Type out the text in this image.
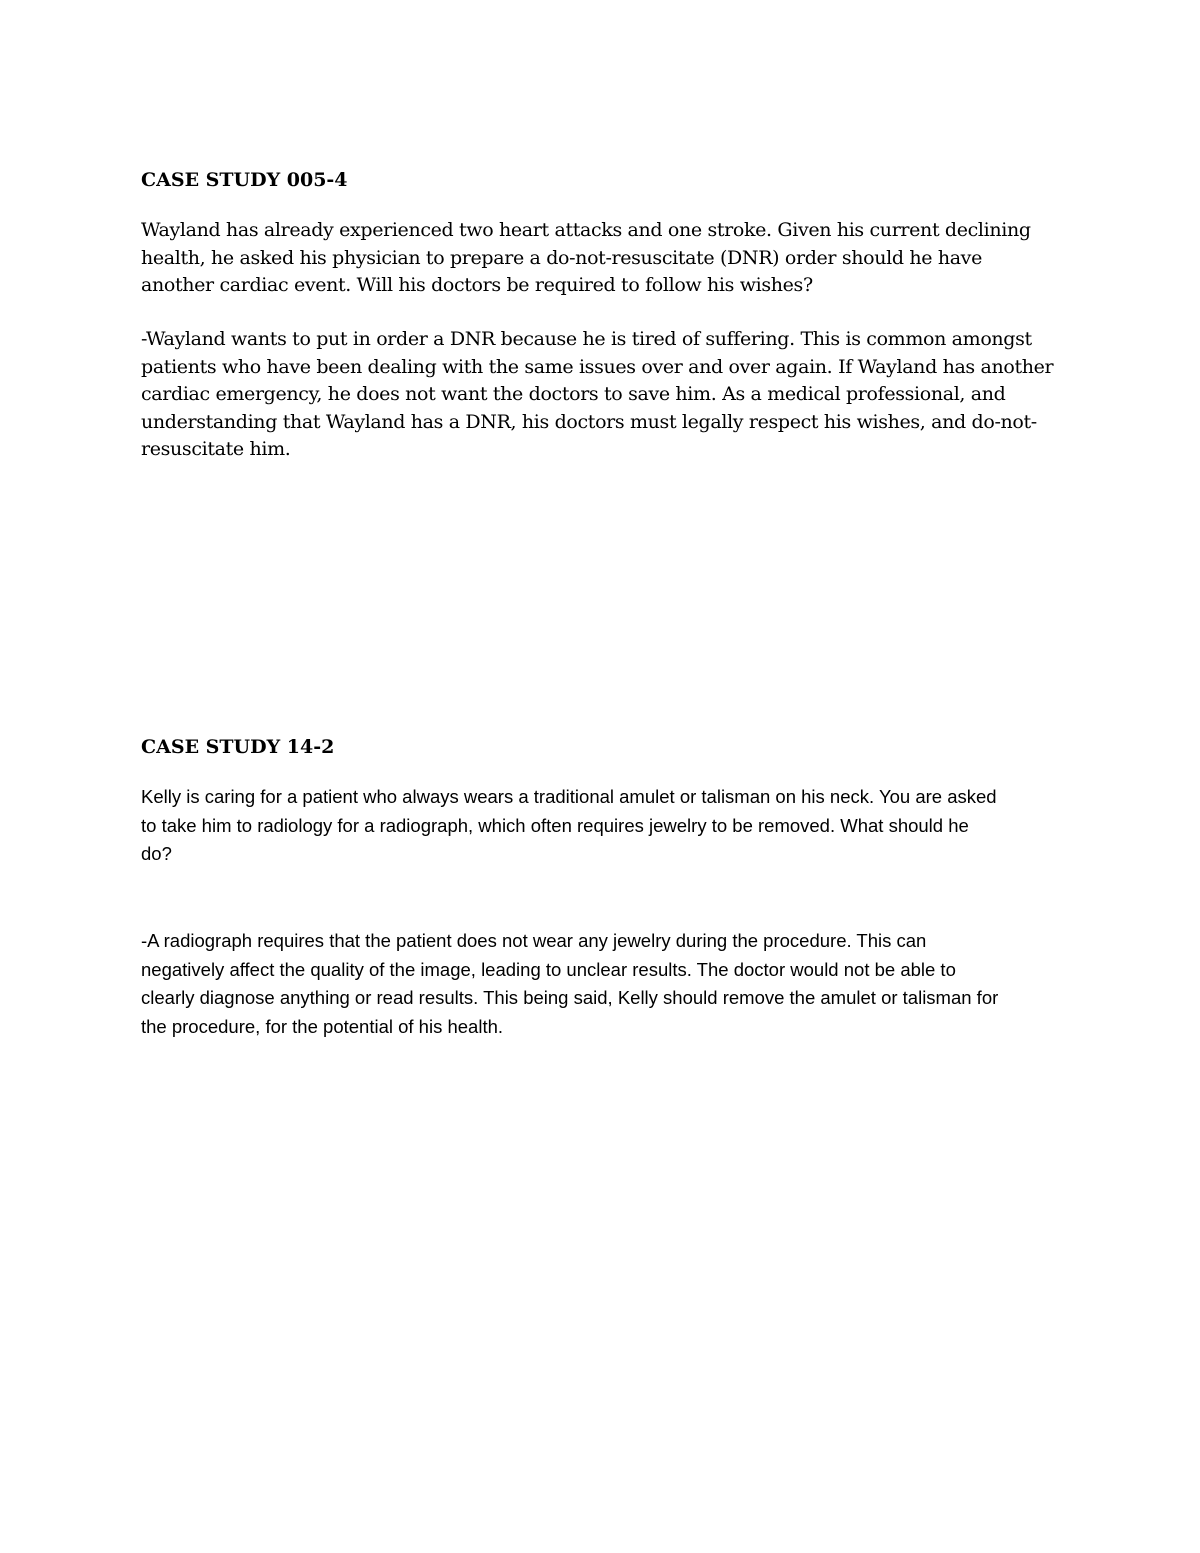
CASE STUDY 005-4

Wayland has already experienced two heart attacks and one stroke. Given his current declining
health, he asked his physician to prepare a do-not-resuscitate (DNR) order should he have
another cardiac event. Will his doctors be required to follow his wishes?

-Wayland wants to put in order a DNR because he is tired of suffering. This is common amongst
patients who have been dealing with the same issues over and over again. If Wayland has another
cardiac emergency, he does not want the doctors to save him. As a medical professional, and
understanding that Wayland has a DNR, his doctors must legally respect his wishes, and do-not-
resuscitate him.

CASE STUDY 14-2

Kelly is caring for a patient who always wears a traditional amulet or talisman on his neck. You are asked
to take him to radiology for a radiograph, which often requires jewelry to be removed. What should he
do?

-A radiograph requires that the patient does not wear any jewelry during the procedure. This can
negatively affect the quality of the image, leading to unclear results. The doctor would not be able to
clearly diagnose anything or read results. This being said, Kelly should remove the amulet or talisman for
the procedure, for the potential of his health.
